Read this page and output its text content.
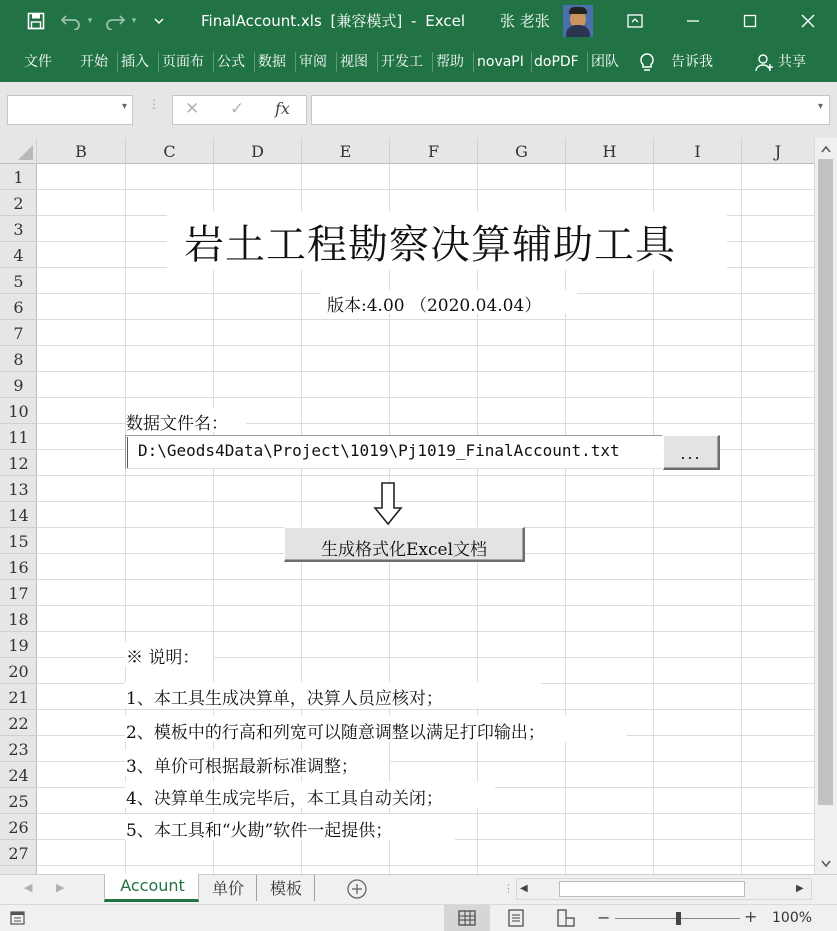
▾	▾	FinalAccount.xls [兼容模式] - Excel 张 老张
文件 开始 插入 页面布 公式 数据 审阅 视图 开发工 帮助 novaPI doPDF 团队	告诉我	共享
▾ ⋮ ✕ ✓ fx	▾
B	C	D	E	F	G	H	I	J
1
2
3
4
5
6
7
8
9
10
11
12
13
14
15
16
17
18
19
20
21
22
23
24
25
26
27
岩土工程勘察决算辅助工具
版本:4.00 （2020.04.04）
数据文件名：
D:\Geods4Data\Project\1019\Pj1019_FinalAccount.txt	...
生成格式化Excel文档
※ 说明：
1、本工具生成决算单，决算人员应核对；
2、模板中的行高和列宽可以随意调整以满足打印输出；
3、单价可根据最新标准调整；
4、决算单生成完毕后，本工具自动关闭；
5、本工具和“火勘”软件一起提供；
◀ ▶	Account	单价	模板	⋮ ◀	▶
−	+ 100%
